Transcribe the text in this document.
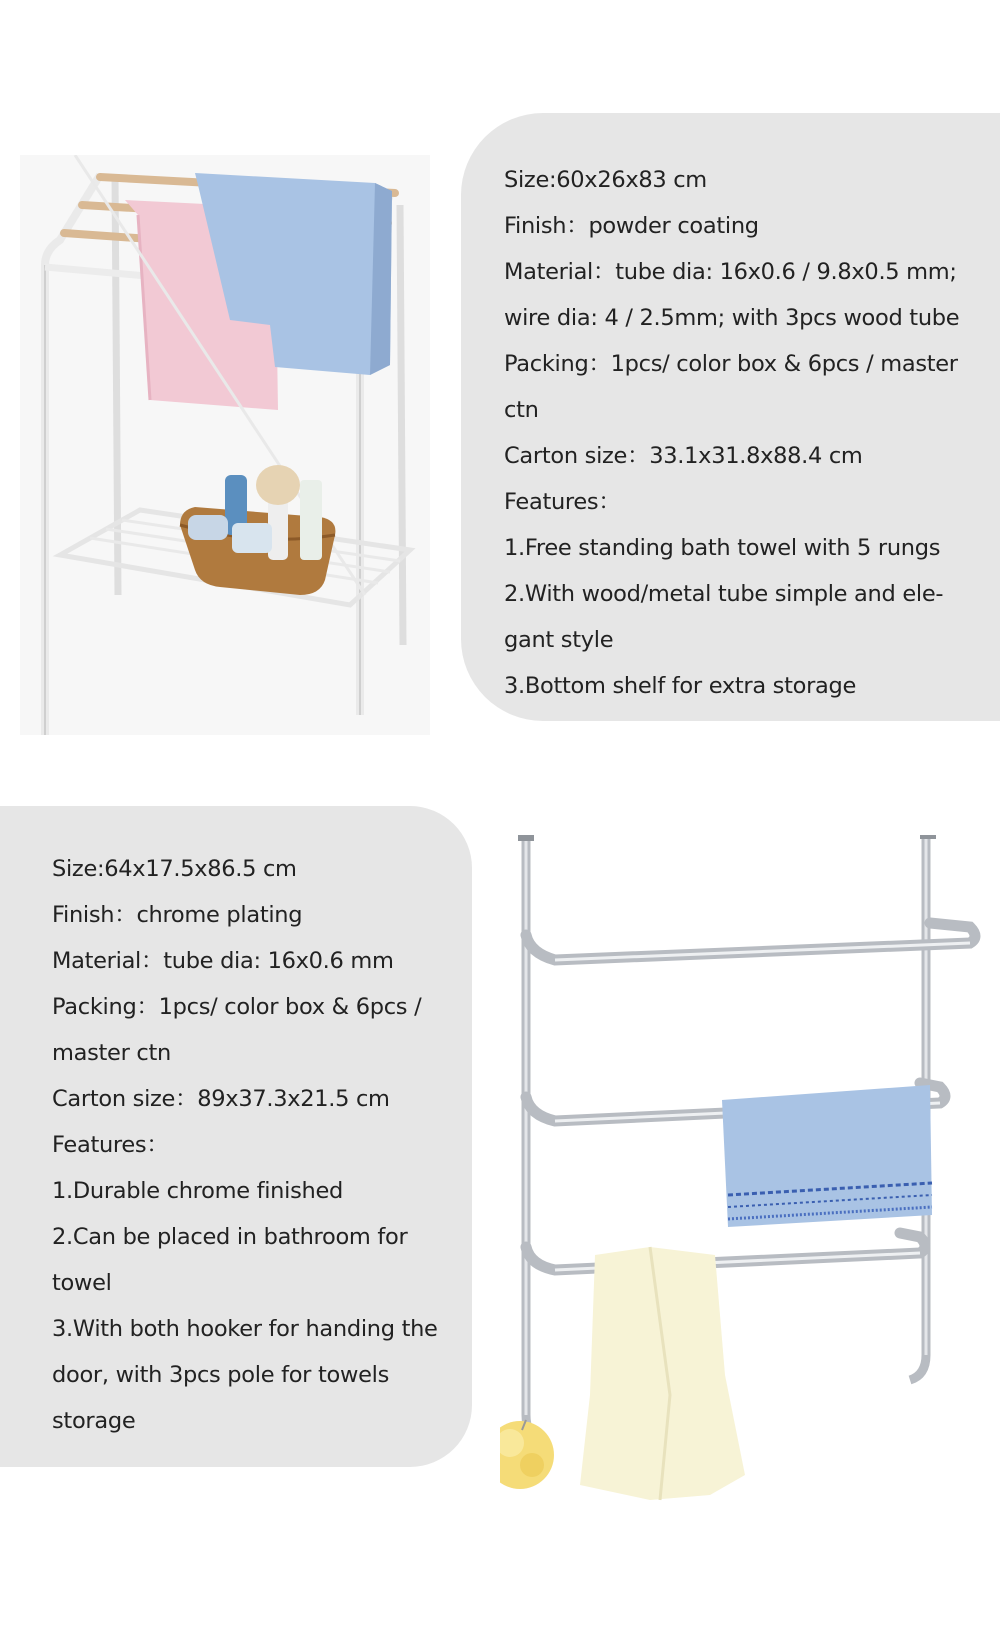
Size:60x26x83 cm
Finish：powder coating
Material：tube dia: 16x0.6 / 9.8x0.5 mm;
wire dia: 4 / 2.5mm; with 3pcs wood tube
Packing：1pcs/ color box & 6pcs / master
ctn
Carton size：33.1x31.8x88.4 cm
Features：
1.Free standing bath towel with 5 rungs
2.With wood/metal tube simple and ele-
gant style
3.Bottom shelf for extra storage
Size:64x17.5x86.5 cm
Finish：chrome plating
Material：tube dia: 16x0.6 mm
Packing：1pcs/ color box & 6pcs /
master ctn
Carton size：89x37.3x21.5 cm
Features：
1.Durable chrome finished
2.Can be placed in bathroom for
towel
3.With both hooker for handing the
door, with 3pcs pole for towels
storage
